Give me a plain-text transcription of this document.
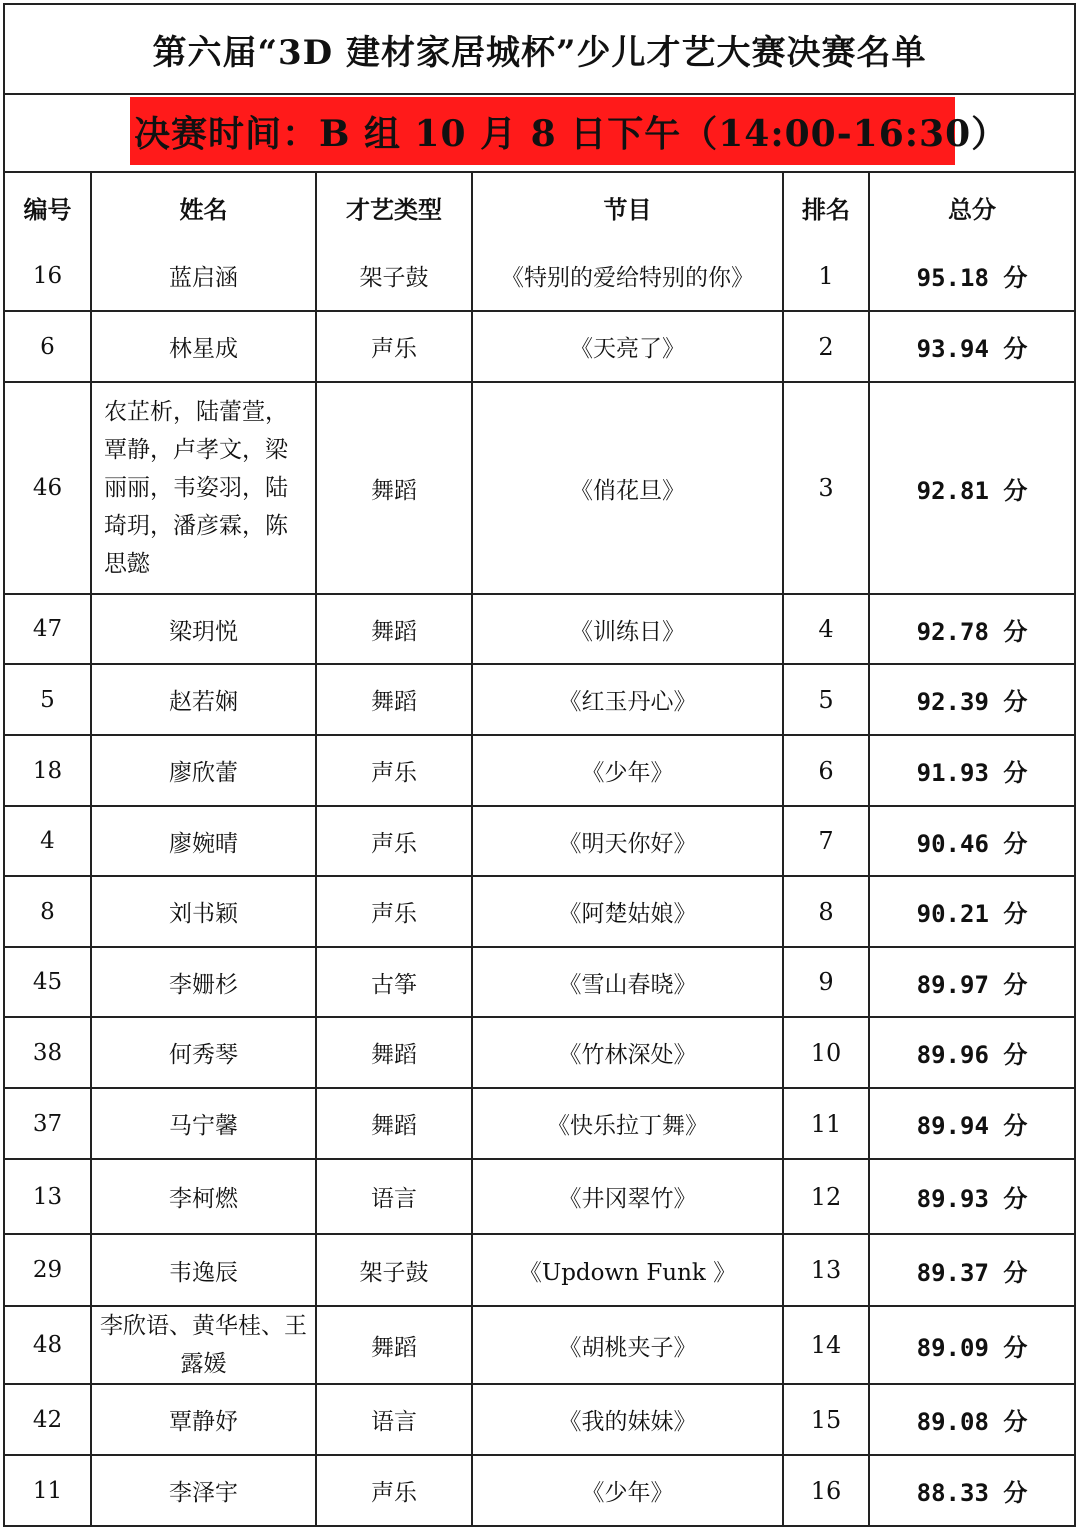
第六届“3D 建材家居城杯”少儿才艺大赛决赛名单
决赛时间：B 组 10 月 8 日下午（14:00-16:30）
编号	姓名	才艺类型	节目	排名	总分
16	蓝启涵	架子鼓	《特别的爱给特别的你》	1	95.18 分
6	林星成	声乐	《天亮了》	2	93.94 分
46	农芷析，陆蕾萱，覃静，卢孝文，梁丽丽，韦姿羽，陆琦玥，潘彦霖，陈思懿	舞蹈	《俏花旦》	3	92.81 分
47	梁玥悦	舞蹈	《训练日》	4	92.78 分
5	赵若娴	舞蹈	《红玉丹心》	5	92.39 分
18	廖欣蕾	声乐	《少年》	6	91.93 分
4	廖婉晴	声乐	《明天你好》	7	90.46 分
8	刘书颖	声乐	《阿楚姑娘》	8	90.21 分
45	李姗杉	古筝	《雪山春晓》	9	89.97 分
38	何秀琴	舞蹈	《竹林深处》	10	89.96 分
37	马宁馨	舞蹈	《快乐拉丁舞》	11	89.94 分
13	李柯燃	语言	《井冈翠竹》	12	89.93 分
29	韦逸辰	架子鼓	《Updown Funk 》	13	89.37 分
48	李欣语、黄华桂、王露媛	舞蹈	《胡桃夹子》	14	89.09 分
42	覃静妤	语言	《我的妹妹》	15	89.08 分
11	李泽宇	声乐	《少年》	16	88.33 分
